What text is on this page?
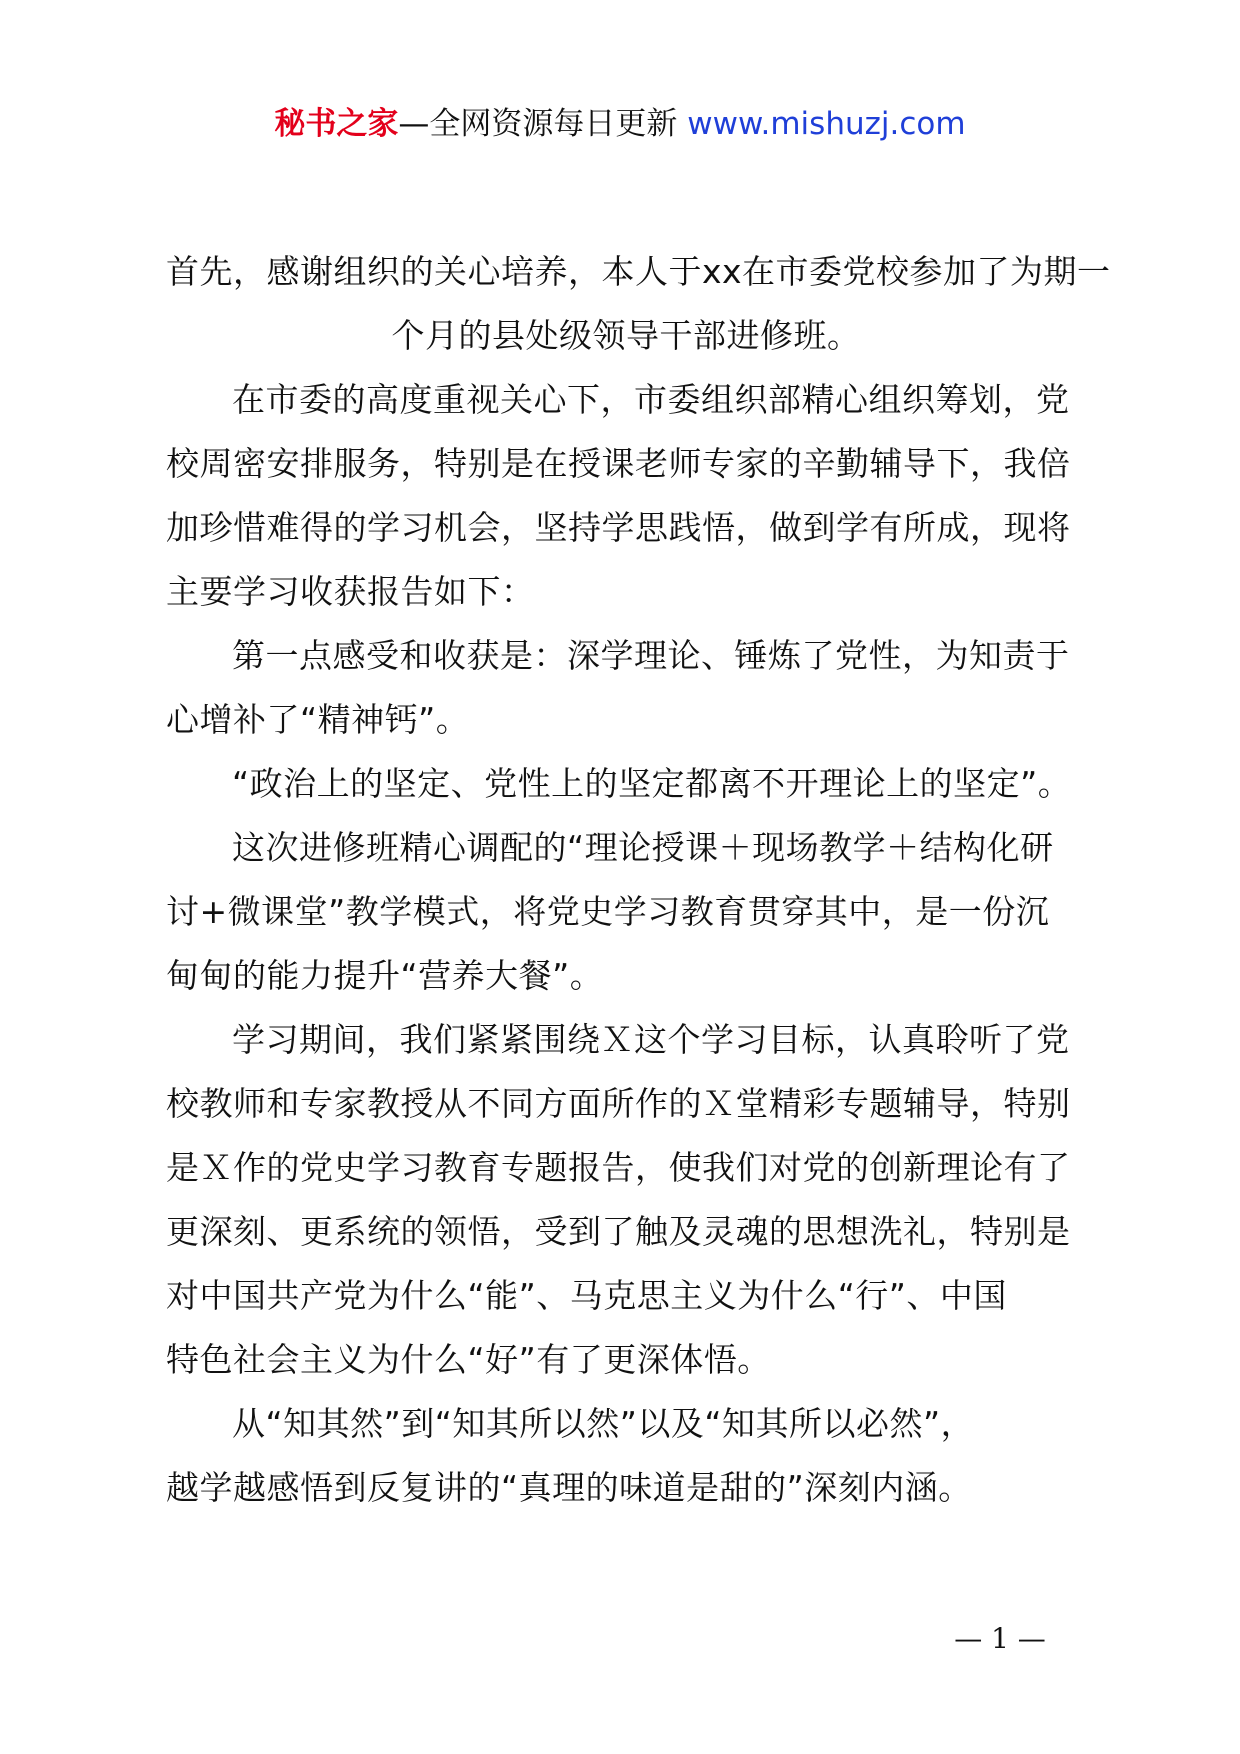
秘书之家—全网资源每日更新 www.mishuzj.com
首先，感谢组织的关心培养，本人于xx在市委党校参加了为期一
个月的县处级领导干部进修班。
在市委的高度重视关心下，市委组织部精心组织筹划，党
校周密安排服务，特别是在授课老师专家的辛勤辅导下，我倍
加珍惜难得的学习机会，坚持学思践悟，做到学有所成，现将
主要学习收获报告如下：
第一点感受和收获是：深学理论、锤炼了党性，为知责于
心增补了“精神钙”。
“政治上的坚定、党性上的坚定都离不开理论上的坚定”。
这次进修班精心调配的“理论授课＋现场教学＋结构化研
讨+微课堂”教学模式，将党史学习教育贯穿其中，是一份沉
甸甸的能力提升“营养大餐”。
学习期间，我们紧紧围绕Ｘ这个学习目标，认真聆听了党
校教师和专家教授从不同方面所作的Ｘ堂精彩专题辅导，特别
是Ｘ作的党史学习教育专题报告，使我们对党的创新理论有了
更深刻、更系统的领悟，受到了触及灵魂的思想洗礼，特别是
对中国共产党为什么“能”、马克思主义为什么“行”、中国
特色社会主义为什么“好”有了更深体悟。
从“知其然”到“知其所以然”以及“知其所以必然”，
越学越感悟到反复讲的“真理的味道是甜的”深刻内涵。
— 1 —
